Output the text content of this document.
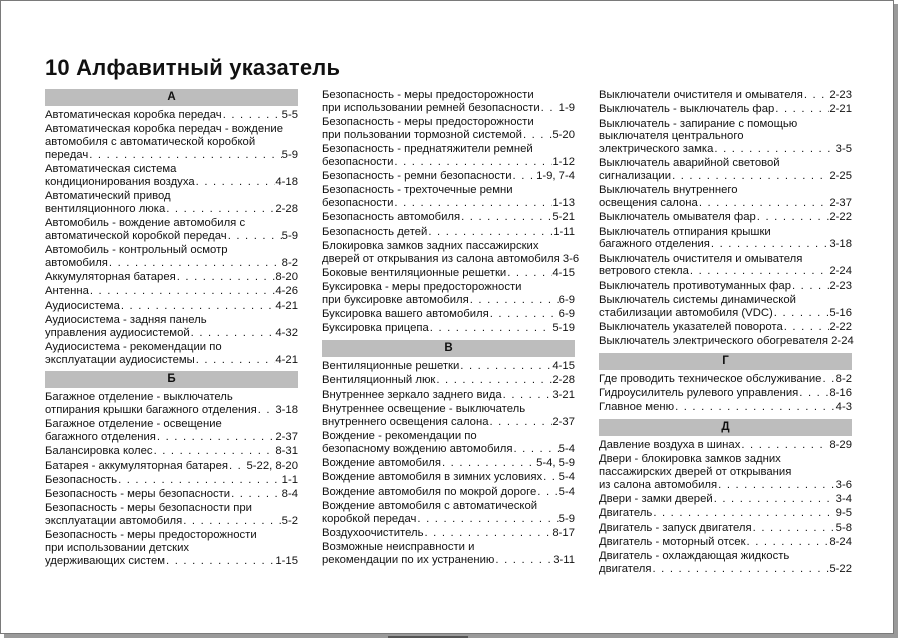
10 Алфавитный указатель
А
Автоматическая коробка передач . . .	5-5
Автоматическая коробка передач - вождение
автомобиля с автоматической коробкой
передач . . .	5-9
Автоматическая система
кондиционирования воздуха . . .	4-18
Автоматический привод
вентиляционного люка . . .	2-28
Автомобиль - вождение автомобиля с
автоматической коробкой передач . . .	5-9
Автомобиль - контрольный осмотр
автомобиля . . .	8-2
Аккумуляторная батарея . . .	8-20
Антенна . . .	4-26
Аудиосистема . . .	4-21
Аудиосистема - задняя панель
управления аудиосистемой . . .	4-32
Аудиосистема - рекомендации по
эксплуатации аудиосистемы . . .	4-21
Б
Багажное отделение - выключатель
отпирания крышки багажного отделения . . . 3-18
Багажное отделение - освещение
багажного отделения . . .	2-37
Балансировка колес . . .	8-31
Батарея - аккумуляторная батарея . . . 5-22, 8-20
Безопасность . . .	1-1
Безопасность - меры безопасности . . .	8-4
Безопасность - меры безопасности при
эксплуатации автомобиля . . .	5-2
Безопасность - меры предосторожности
при использовании детских
удерживающих систем . . .	1-15
Безопасность - меры предосторожности
при использовании ремней безопасности . . . 1-9
Безопасность - меры предосторожности
при пользовании тормозной системой . . .	5-20
Безопасность - преднатяжители ремней
безопасности . . .	1-12
Безопасность - ремни безопасности . . . 1-9, 7-4
Безопасность - трехточечные ремни
безопасности . . .	1-13
Безопасность автомобиля . . .	5-21
Безопасность детей . . .	1-11
Блокировка замков задних пассажирских
дверей от открывания из салона автомобиля 3-6
Боковые вентиляционные решетки . . .	4-15
Буксировка - меры предосторожности
при буксировке автомобиля . . .	6-9
Буксировка вашего автомобиля . . .	6-9
Буксировка прицепа . . .	5-19
В
Вентиляционные решетки . . .	4-15
Вентиляционный люк . . .	2-28
Внутреннее зеркало заднего вида . . .	3-21
Внутреннее освещение - выключатель
внутреннего освещения салона . . .	2-37
Вождение - рекомендации по
безопасному вождению автомобиля . . .	5-4
Вождение автомобиля . . .	5-4, 5-9
Вождение автомобиля в зимних условиях . . . 5-4
Вождение автомобиля по мокрой дороге . . . 5-4
Вождение автомобиля с автоматической
коробкой передач . . .	5-9
Воздухоочиститель . . .	8-17
Возможные неисправности и
рекомендации по их устранению . . .	3-11
Выключатели очистителя и омывателя . . . 2-23
Выключатель - выключатель фар . . .	2-21
Выключатель - запирание с помощью
выключателя центрального
электрического замка . . .	3-5
Выключатель аварийной световой
сигнализации . . .	2-25
Выключатель внутреннего
освещения салона . . .	2-37
Выключатель омывателя фар . . .	2-22
Выключатель отпирания крышки
багажного отделения . . .	3-18
Выключатель очистителя и омывателя
ветрового стекла . . .	2-24
Выключатель противотуманных фар . . .	2-23
Выключатель системы динамической
стабилизации автомобиля (VDC) . . .	5-16
Выключатель указателей поворота . . .	2-22
Выключатель электрического обогревателя 2-24
Г
Где проводить техническое обслуживание . . . 8-2
Гидроусилитель рулевого управления . . .	8-16
Главное меню . . .	4-3
Д
Давление воздуха в шинах . . .	8-29
Двери - блокировка замков задних
пассажирских дверей от открывания
из салона автомобиля . . .	3-6
Двери - замки дверей . . .	3-4
Двигатель . . .	9-5
Двигатель - запуск двигателя . . .	5-8
Двигатель - моторный отсек . . .	8-24
Двигатель - охлаждающая жидкость
двигателя . . .	5-22
